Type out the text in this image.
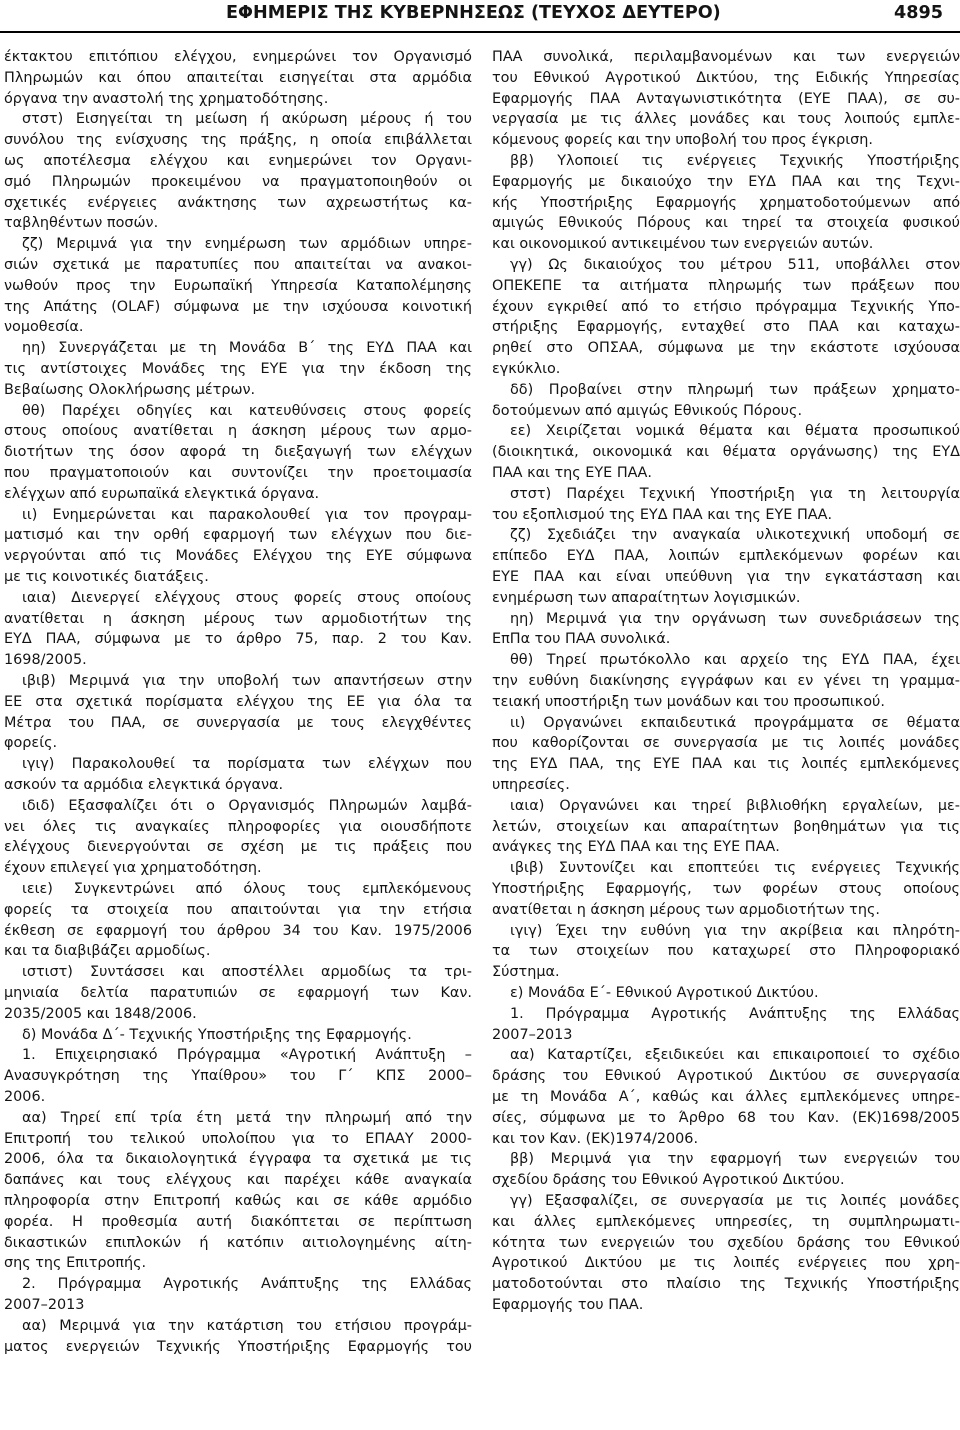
ΕΦΗΜΕΡΙΣ ΤΗΣ ΚΥΒΕΡΝΗΣΕΩΣ (ΤΕΥΧΟΣ ΔΕΥΤΕΡΟ)	4895
έκτακτου επιτόπιου ελέγχου, ενημερώνει τον Οργανισμό
Πληρωμών και όπου απαιτείται εισηγείται στα αρμόδια
όργανα την αναστολή της χρηματοδότησης.
στστ) Εισηγείται τη μείωση ή ακύρωση μέρους ή του
συνόλου της ενίσχυσης της πράξης, η οποία επιβάλλεται
ως αποτέλεσμα ελέγχου και ενημερώνει τον Οργανι-
σμό Πληρωμών προκειμένου να πραγματοποιηθούν οι
σχετικές ενέργειες ανάκτησης των αχρεωστήτως κα-
ταβληθέντων ποσών.
ζζ) Μεριμνά για την ενημέρωση των αρμόδιων υπηρε-
σιών σχετικά με παρατυπίες που απαιτείται να ανακοι-
νωθούν προς την Ευρωπαϊκή Υπηρεσία Καταπολέμησης
της Απάτης (OLAF) σύμφωνα με την ισχύουσα κοινοτική
νομοθεσία.
ηη) Συνεργάζεται με τη Μονάδα Β΄ της ΕΥΔ ΠΑΑ και
τις αντίστοιχες Μονάδες της ΕΥΕ για την έκδοση της
Βεβαίωσης Ολοκλήρωσης μέτρων.
θθ) Παρέχει οδηγίες και κατευθύνσεις στους φορείς
στους οποίους ανατίθεται η άσκηση μέρους των αρμο-
διοτήτων της όσον αφορά τη διεξαγωγή των ελέγχων
που πραγματοποιούν και συντονίζει την προετοιμασία
ελέγχων από ευρωπαϊκά ελεγκτικά όργανα.
ιι) Ενημερώνεται και παρακολουθεί για τον προγραμ-
ματισμό και την ορθή εφαρμογή των ελέγχων που διε-
νεργούνται από τις Μονάδες Ελέγχου της ΕΥΕ σύμφωνα
με τις κοινοτικές διατάξεις.
ιαια) Διενεργεί ελέγχους στους φορείς στους οποίους
ανατίθεται η άσκηση μέρους των αρμοδιοτήτων της
ΕΥΔ ΠΑΑ, σύμφωνα με το άρθρο 75, παρ. 2 του Καν.
1698/2005.
ιβιβ) Μεριμνά για την υποβολή των απαντήσεων στην
ΕΕ στα σχετικά πορίσματα ελέγχου της ΕΕ για όλα τα
Μέτρα του ΠΑΑ, σε συνεργασία με τους ελεγχθέντες
φορείς.
ιγιγ) Παρακολουθεί τα πορίσματα των ελέγχων που
ασκούν τα αρμόδια ελεγκτικά όργανα.
ιδιδ) Εξασφαλίζει ότι ο Οργανισμός Πληρωμών λαμβά-
νει όλες τις αναγκαίες πληροφορίες για οιουσδήποτε
ελέγχους διενεργούνται σε σχέση με τις πράξεις που
έχουν επιλεγεί για χρηματοδότηση.
ιειε) Συγκεντρώνει από όλους τους εμπλεκόμενους
φορείς τα στοιχεία που απαιτούνται για την ετήσια
έκθεση σε εφαρμογή του άρθρου 34 του Καν. 1975/2006
και τα διαβιβάζει αρμοδίως.
ιστιστ) Συντάσσει και αποστέλλει αρμοδίως τα τρι-
μηνιαία δελτία παρατυπιών σε εφαρμογή των Καν.
2035/2005 και 1848/2006.
δ) Μονάδα Δ΄- Τεχνικής Υποστήριξης της Εφαρμογής.
1. Επιχειρησιακό Πρόγραμμα «Αγροτική Ανάπτυξη –
Ανασυγκρότηση της Υπαίθρου» του Γ΄ ΚΠΣ 2000–
2006.
αα) Τηρεί επί τρία έτη μετά την πληρωμή από την
Επιτροπή του τελικού υπολοίπου για το ΕΠΑΑΥ 2000-
2006, όλα τα δικαιολογητικά έγγραφα τα σχετικά με τις
δαπάνες και τους ελέγχους και παρέχει κάθε αναγκαία
πληροφορία στην Επιτροπή καθώς και σε κάθε αρμόδιο
φορέα. Η προθεσμία αυτή διακόπτεται σε περίπτωση
δικαστικών επιπλοκών ή κατόπιν αιτιολογημένης αίτη-
σης της Επιτροπής.
2. Πρόγραμμα Αγροτικής Ανάπτυξης της Ελλάδας
2007–2013
αα) Μεριμνά για την κατάρτιση του ετήσιου προγράμ-
ματος ενεργειών Τεχνικής Υποστήριξης Εφαρμογής του
ΠΑΑ συνολικά, περιλαμβανομένων και των ενεργειών
του Εθνικού Αγροτικού Δικτύου, της Ειδικής Υπηρεσίας
Εφαρμογής ΠΑΑ Ανταγωνιστικότητα (ΕΥΕ ΠΑΑ), σε συ-
νεργασία με τις άλλες μονάδες και τους λοιπούς εμπλε-
κόμενους φορείς και την υποβολή του προς έγκριση.
ββ) Υλοποιεί τις ενέργειες Τεχνικής Υποστήριξης
Εφαρμογής με δικαιούχο την ΕΥΔ ΠΑΑ και της Τεχνι-
κής Υποστήριξης Εφαρμογής χρηματοδοτούμενων από
αμιγώς Εθνικούς Πόρους και τηρεί τα στοιχεία φυσικού
και οικονομικού αντικειμένου των ενεργειών αυτών.
γγ) Ως δικαιούχος του μέτρου 511, υποβάλλει στον
ΟΠΕΚΕΠΕ τα αιτήματα πληρωμής των πράξεων που
έχουν εγκριθεί από το ετήσιο πρόγραμμα Τεχνικής Υπο-
στήριξης Εφαρμογής, ενταχθεί στο ΠΑΑ και καταχω-
ρηθεί στο ΟΠΣΑΑ, σύμφωνα με την εκάστοτε ισχύουσα
εγκύκλιο.
δδ) Προβαίνει στην πληρωμή των πράξεων χρηματο-
δοτούμενων από αμιγώς Εθνικούς Πόρους.
εε) Χειρίζεται νομικά θέματα και θέματα προσωπικού
(διοικητικά, οικονομικά και θέματα οργάνωσης) της ΕΥΔ
ΠΑΑ και της ΕΥΕ ΠΑΑ.
στστ) Παρέχει Τεχνική Υποστήριξη για τη λειτουργία
του εξοπλισμού της ΕΥΔ ΠΑΑ και της ΕΥΕ ΠΑΑ.
ζζ) Σχεδιάζει την αναγκαία υλικοτεχνική υποδομή σε
επίπεδο ΕΥΔ ΠΑΑ, λοιπών εμπλεκόμενων φορέων και
ΕΥΕ ΠΑΑ και είναι υπεύθυνη για την εγκατάσταση και
ενημέρωση των απαραίτητων λογισμικών.
ηη) Μεριμνά για την οργάνωση των συνεδριάσεων της
ΕπΠα του ΠΑΑ συνολικά.
θθ) Τηρεί πρωτόκολλο και αρχείο της ΕΥΔ ΠΑΑ, έχει
την ευθύνη διακίνησης εγγράφων και εν γένει τη γραμμα-
τειακή υποστήριξη των μονάδων και του προσωπικού.
ιι) Οργανώνει εκπαιδευτικά προγράμματα σε θέματα
που καθορίζονται σε συνεργασία με τις λοιπές μονάδες
της ΕΥΔ ΠΑΑ, της ΕΥΕ ΠΑΑ και τις λοιπές εμπλεκόμενες
υπηρεσίες.
ιαια) Οργανώνει και τηρεί βιβλιοθήκη εργαλείων, με-
λετών, στοιχείων και απαραίτητων βοηθημάτων για τις
ανάγκες της ΕΥΔ ΠΑΑ και της ΕΥΕ ΠΑΑ.
ιβιβ) Συντονίζει και εποπτεύει τις ενέργειες Τεχνικής
Υποστήριξης Εφαρμογής, των φορέων στους οποίους
ανατίθεται η άσκηση μέρους των αρμοδιοτήτων της.
ιγιγ) Έχει την ευθύνη για την ακρίβεια και πληρότη-
τα των στοιχείων που καταχωρεί στο Πληροφοριακό
Σύστημα.
ε) Μονάδα Ε΄- Εθνικού Αγροτικού Δικτύου.
1. Πρόγραμμα Αγροτικής Ανάπτυξης της Ελλάδας
2007–2013
αα) Καταρτίζει, εξειδικεύει και επικαιροποιεί το σχέδιο
δράσης του Εθνικού Αγροτικού Δικτύου σε συνεργασία
με τη Μονάδα Α΄, καθώς και άλλες εμπλεκόμενες υπηρε-
σίες, σύμφωνα με το Άρθρο 68 του Καν. (ΕΚ)1698/2005
και τον Καν. (ΕΚ)1974/2006.
ββ) Μεριμνά για την εφαρμογή των ενεργειών του
σχεδίου δράσης του Εθνικού Αγροτικού Δικτύου.
γγ) Εξασφαλίζει, σε συνεργασία με τις λοιπές μονάδες
και άλλες εμπλεκόμενες υπηρεσίες, τη συμπληρωματι-
κότητα των ενεργειών του σχεδίου δράσης του Εθνικού
Αγροτικού Δικτύου με τις λοιπές ενέργειες που χρη-
ματοδοτούνται στο πλαίσιο της Τεχνικής Υποστήριξης
Εφαρμογής του ΠΑΑ.
